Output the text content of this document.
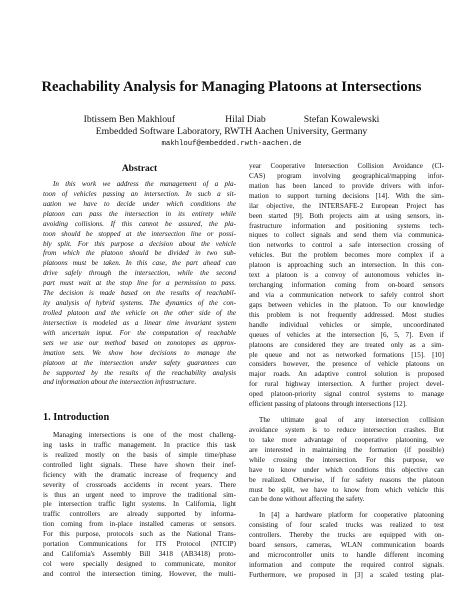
Reachability Analysis for Managing Platoons at Intersections
Ibtissem Ben Makhlouf	Hilal Diab	Stefan Kowalewski
Embedded Software Laboratory, RWTH Aachen University, Germany
makhlouf@embedded.rwth-aachen.de
Abstract
In this work we address the management of a pla-
toon of vehicles passing an intersection. In such a sit-
uation we have to decide under which conditions the
platoon can pass the intersection in its entirety while
avoiding collisions. If this cannot be assured, the pla-
toon should be stopped at the intersection line or possi-
bly split. For this purpose a decision about the vehicle
from which the platoon should be divided in two sub-
platoons must be taken. In this case, the part ahead can
drive safely through the intersection, while the second
part must wait at the stop line for a permission to pass.
The decision is made based on the results of reachabil-
ity analysis of hybrid systems. The dynamics of the con-
trolled platoon and the vehicle on the other side of the
intersection is modeled as a linear time invariant system
with uncertain input. For the computation of reachable
sets we use our method based on zonotopes as approx-
imation sets. We show how decisions to manage the
platoon at the intersection under safety guarantees can
be supported by the results of the reachability analysis
and information about the intersection infrastructure.
1. Introduction
Managing intersections is one of the most challeng-
ing tasks in traffic management. In practice this task
is realized mostly on the basis of simple time/phase
controlled light signals. These have shown their inef-
ficiency with the dramatic increase of frequency and
severity of crossroads accidents in recent years. There
is thus an urgent need to improve the traditional sim-
ple intersection traffic light systems. In California, light
traffic controllers are already supported by informa-
tion coming from in-place installed cameras or sensors.
For this purpose, protocols such as the National Trans-
portation Communications for ITS Protocol (NTCIP)
and California's Assembly Bill 3418 (AB3418) proto-
col were specially designed to communicate, monitor
and control the intersection timing. However, the multi-
year Cooperative Intersection Collision Avoidance (CI-
CAS) program involving geographical/mapping infor-
mation has been lanced to provide drivers with infor-
mation to support turning decisions [14]. With the sim-
ilar objective, the INTERSAFE-2 European Project has
been started [9]. Both projects aim at using sensors, in-
frastructure information and positioning systems tech-
niques to collect signals and send them via communica-
tion networks to control a safe intersection crossing of
vehicles. But the problem becomes more complex if a
platoon is approaching such an intersection. In this con-
text a platoon is a convoy of autonomous vehicles in-
terchanging information coming from on-board sensors
and via a communication network to safely control short
gaps between vehicles in the platoon. To our knowledge
this problem is not frequently addressed. Most studies
handle individual vehicles or simple, uncoordinated
queues of vehicles at the intersection [6, 5, 7]. Even if
platoons are considered they are treated only as a sim-
ple queue and not as networked formations [15]. [10]
considers however, the presence of vehicle platoons on
major roads. An adaptive control solution is proposed
for rural highway intersection. A further project devel-
oped platoon-priority signal control systems to manage
efficient passing of platoons through intersections [12].
The ultimate goal of any intersection collision
avoidance system is to reduce intersection crashes. But
to take more advantage of cooperative platooning, we
are interested in maintaining the formation (if possible)
while crossing the intersection. For this purpose, we
have to know under which conditions this objective can
be realized. Otherwise, if for safety reasons the platoon
must be split, we have to know from which vehicle this
can be done without affecting the safety.
In [4] a hardware platform for cooperative platooning
consisting of four scaled trucks was realized to test
controllers. Thereby the trucks are equipped with on-
board sensors, cameras, WLAN communication boards
and microcontroller units to handle different incoming
information and compute the required control signals.
Furthermore, we proposed in [3] a scaled testing plat-
